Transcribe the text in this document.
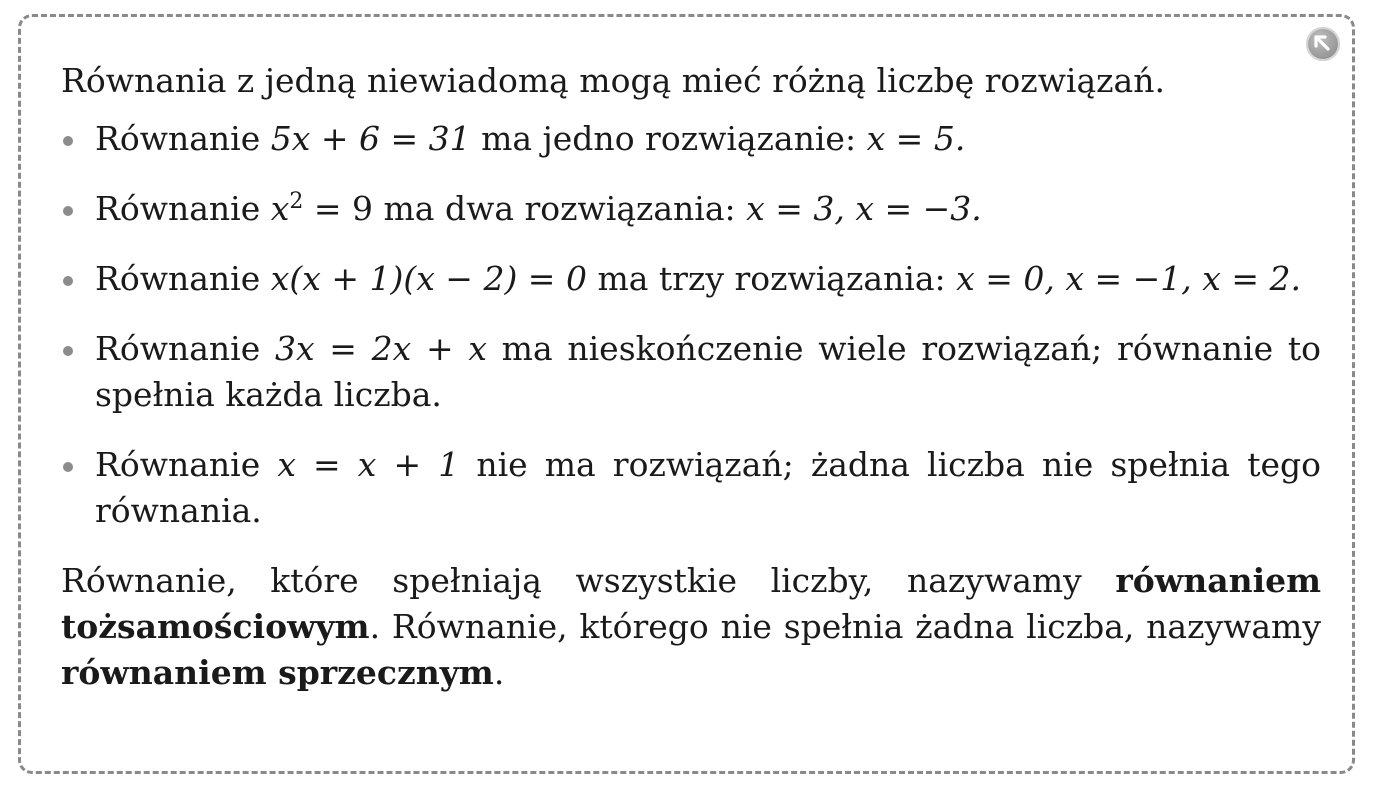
Równania z jedną niewiadomą mogą mieć różną liczbę rozwiązań.

Równanie 5x + 6 = 31 ma jedno rozwiązanie: x = 5.
Równanie $x^2 = 9$ ma dwa rozwiązania: x = 3, x = −3.
Równanie x(x + 1)(x − 2) = 0 ma trzy rozwiązania: x = 0, x = −1, x = 2.
Równanie 3x = 2x + x ma nieskończenie wiele rozwiązań; równanie to spełnia każda liczba.
Równanie x = x + 1 nie ma rozwiązań; żadna liczba nie spełnia tego równania.

Równanie, które spełniają wszystkie liczby, nazywamy równaniem tożsamościowym. Równanie, którego nie spełnia żadna liczba, nazywamy równaniem sprzecznym.
